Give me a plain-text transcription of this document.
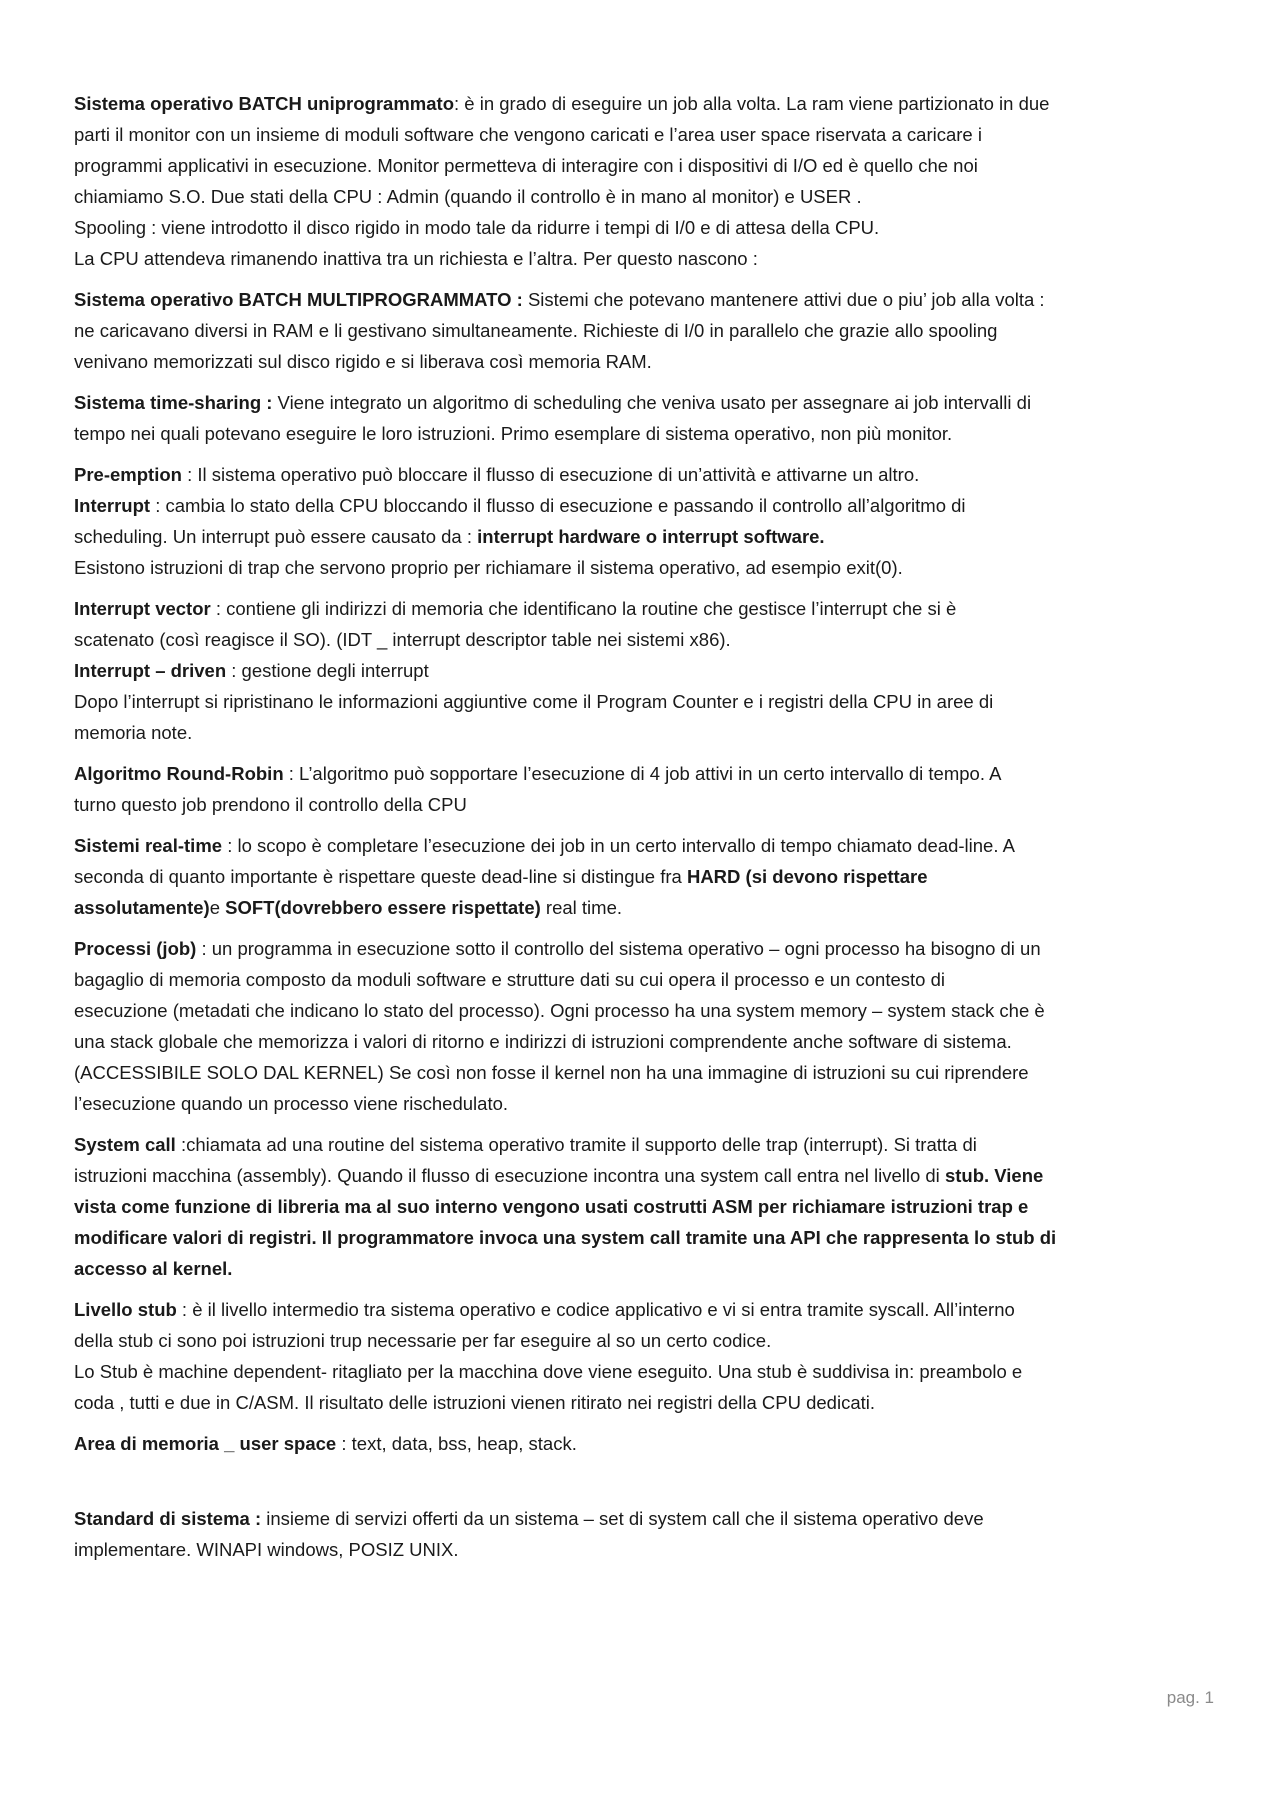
Sistema operativo BATCH uniprogrammato: è in grado di eseguire un job alla volta. La ram viene partizionato in due
parti il monitor con un insieme di moduli software che vengono caricati e l’area user space riservata a caricare i
programmi applicativi in esecuzione. Monitor permetteva di interagire con i dispositivi di I/O ed è quello che noi
chiamiamo S.O. Due stati della CPU : Admin (quando il controllo è in mano al monitor) e USER .
Spooling : viene introdotto il disco rigido in modo tale da ridurre i tempi di I/0 e di attesa della CPU.
La CPU attendeva rimanendo inattiva tra un richiesta e l’altra. Per questo nascono :

Sistema operativo BATCH MULTIPROGRAMMATO : Sistemi che potevano mantenere attivi due o piu’ job alla volta :
ne caricavano diversi in RAM e li gestivano simultaneamente. Richieste di I/0 in parallelo che grazie allo spooling
venivano memorizzati sul disco rigido e si liberava così memoria RAM.

Sistema time-sharing : Viene integrato un algoritmo di scheduling che veniva usato per assegnare ai job intervalli di
tempo nei quali potevano eseguire le loro istruzioni. Primo esemplare di sistema operativo, non più monitor.

Pre-emption : Il sistema operativo può bloccare il flusso di esecuzione di un’attività e attivarne un altro.
Interrupt : cambia lo stato della CPU bloccando il flusso di esecuzione e passando il controllo all’algoritmo di
scheduling. Un interrupt può essere causato da : interrupt hardware o interrupt software.
Esistono istruzioni di trap che servono proprio per richiamare il sistema operativo, ad esempio exit(0).

Interrupt vector : contiene gli indirizzi di memoria che identificano la routine che gestisce l’interrupt che si è
scatenato (così reagisce il SO). (IDT _ interrupt descriptor table nei sistemi x86).
Interrupt – driven : gestione degli interrupt
Dopo l’interrupt si ripristinano le informazioni aggiuntive come il Program Counter e i registri della CPU in aree di
memoria note.

Algoritmo Round-Robin : L’algoritmo può sopportare l’esecuzione di 4 job attivi in un certo intervallo di tempo. A
turno questo job prendono il controllo della CPU

Sistemi real-time : lo scopo è completare l’esecuzione dei job in un certo intervallo di tempo chiamato dead-line. A
seconda di quanto importante è rispettare queste dead-line si distingue fra HARD (si devono rispettare
assolutamente)e SOFT(dovrebbero essere rispettate) real time.

Processi (job) : un programma in esecuzione sotto il controllo del sistema operativo – ogni processo ha bisogno di un
bagaglio di memoria composto da moduli software e strutture dati su cui opera il processo e un contesto di
esecuzione (metadati che indicano lo stato del processo). Ogni processo ha una system memory – system stack che è
una stack globale che memorizza i valori di ritorno e indirizzi di istruzioni comprendente anche software di sistema.
(ACCESSIBILE SOLO DAL KERNEL) Se così non fosse il kernel non ha una immagine di istruzioni su cui riprendere
l’esecuzione quando un processo viene rischedulato.

System call :chiamata ad una routine del sistema operativo tramite il supporto delle trap (interrupt). Si tratta di
istruzioni macchina (assembly). Quando il flusso di esecuzione incontra una system call entra nel livello di stub. Viene
vista come funzione di libreria ma al suo interno vengono usati costrutti ASM per richiamare istruzioni trap e
modificare valori di registri. Il programmatore invoca una system call tramite una API che rappresenta lo stub di
accesso al kernel.

Livello stub : è il livello intermedio tra sistema operativo e codice applicativo e vi si entra tramite syscall. All’interno
della stub ci sono poi istruzioni trup necessarie per far eseguire al so un certo codice.
Lo Stub è machine dependent- ritagliato per la macchina dove viene eseguito. Una stub è suddivisa in: preambolo e
coda , tutti e due in C/ASM. Il risultato delle istruzioni vienen ritirato nei registri della CPU dedicati.

Area di memoria _ user space : text, data, bss, heap, stack.

Standard di sistema : insieme di servizi offerti da un sistema – set di system call che il sistema operativo deve
implementare. WINAPI windows, POSIZ UNIX.

pag. 1
